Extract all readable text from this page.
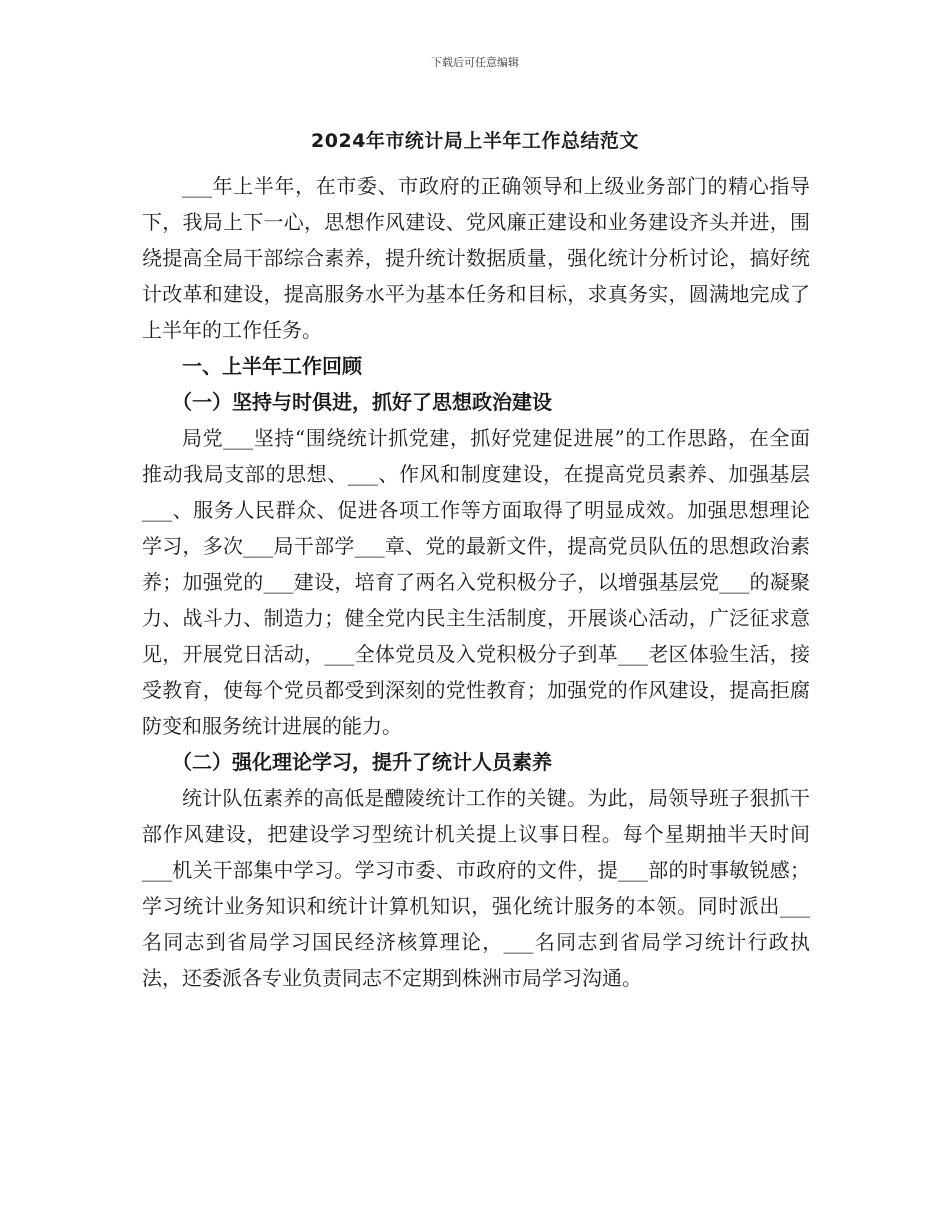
下载后可任意编辑
2024年市统计局上半年工作总结范文

___年上半年，在市委、市政府的正确领导和上级业务部门的精心指导下，我局上下一心，思想作风建设、党风廉正建设和业务建设齐头并进，围绕提高全局干部综合素养，提升统计数据质量，强化统计分析讨论，搞好统计改革和建设，提高服务水平为基本任务和目标，求真务实，圆满地完成了上半年的工作任务。

一、上半年工作回顾
（一）坚持与时俱进，抓好了思想政治建设

局党___坚持“围绕统计抓党建，抓好党建促进展”的工作思路，在全面推动我局支部的思想、___、作风和制度建设，在提高党员素养、加强基层___、服务人民群众、促进各项工作等方面取得了明显成效。加强思想理论学习，多次___局干部学___章、党的最新文件，提高党员队伍的思想政治素养；加强党的___建设，培育了两名入党积极分子，以增强基层党___的凝聚力、战斗力、制造力；健全党内民主生活制度，开展谈心活动，广泛征求意见，开展党日活动，___全体党员及入党积极分子到革___老区体验生活，接受教育，使每个党员都受到深刻的党性教育；加强党的作风建设，提高拒腐防变和服务统计进展的能力。

（二）强化理论学习，提升了统计人员素养

统计队伍素养的高低是醴陵统计工作的关键。为此，局领导班子狠抓干部作风建设，把建设学习型统计机关提上议事日程。每个星期抽半天时间___机关干部集中学习。学习市委、市政府的文件，提___部的时事敏锐感；学习统计业务知识和统计计算机知识，强化统计服务的本领。同时派出___名同志到省局学习国民经济核算理论，___名同志到省局学习统计行政执法，还委派各专业负责同志不定期到株洲市局学习沟通。
